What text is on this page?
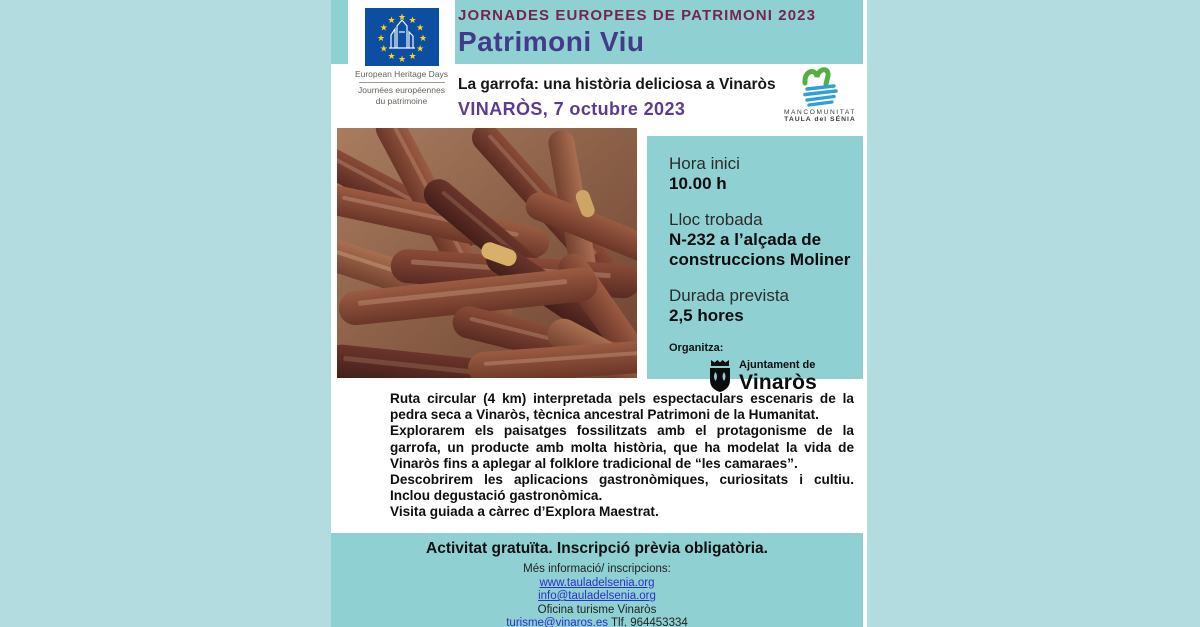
JORNADES EUROPEES DE PATRIMONI 2023
Patrimoni Viu
★ ★
★
★
★
★
★
★
★
★
★
★
European Heritage Days
Journées européennes
du patrimoine
La garrofa: una història deliciosa a Vinaròs
VINARÒS, 7 octubre 2023	MANCOMUNITAT
TAULA del SÉNIA
Hora inici
10.00 h
Lloc trobada
N-232 a l’alçada de construccions Moliner
Durada prevista
2,5 hores
Organitza:
Ajuntament de
Vinaròs

Ruta circular (4 km) interpretada pels espectaculars escenaris de la pedra seca a Vinaròs, tècnica ancestral Patrimoni de la Humanitat.

Explorarem els paisatges fossilitzats amb el protagonisme de la garrofa, un producte amb molta història, que ha modelat la vida de Vinaròs fins a aplegar al folklore tradicional de “les camaraes”.

Descobrirem les aplicacions gastronòmiques, curiositats i cultiu. Inclou degustació gastronòmica.

Visita guiada a càrrec d’Explora Maestrat.

Activitat gratuïta. Inscripció prèvia obligatòria.
Més informació/ inscripcions:
www.tauladelsenia.org
info@tauladelsenia.org
Oficina turisme Vinaròs
turisme@vinaros.es Tlf. 964453334
